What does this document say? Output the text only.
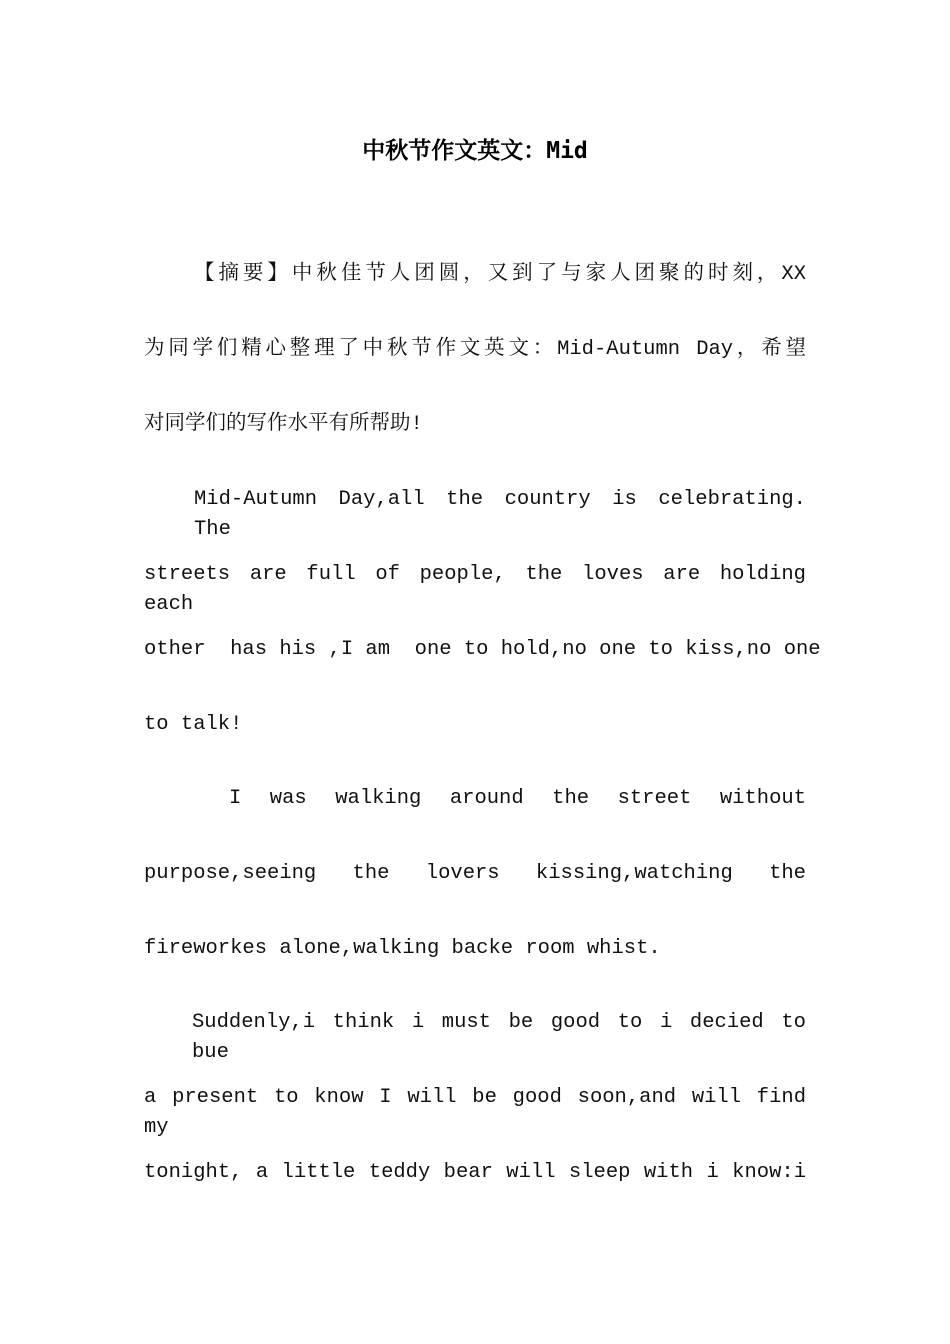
中秋节作文英文：Mid
【摘要】中秋佳节人团圆，又到了与家人团聚的时刻，XX
为同学们精心整理了中秋节作文英文：Mid-Autumn Day，希望
对同学们的写作水平有所帮助!
Mid-Autumn Day,all the country is celebrating. The
streets are full of people, the loves are holding each
other  has his ,I am  one to hold,no one to kiss,no one
to talk!
I was walking around the street without
purpose,seeing the lovers kissing,watching the
fireworkes alone,walking backe room whist.
Suddenly,i think i must be good to i decied to bue
a present to know I will be good soon,and will find my
tonight, a little teddy bear will sleep with i know:i
